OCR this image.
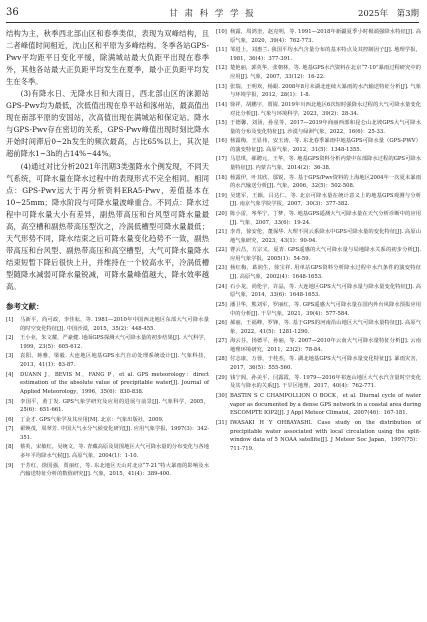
36	甘 肃 科 学 学 报	2025年　第3期

结构为主，秋季西北部山区和春季类似，表现为双峰结构，且二者峰值时间相近，沈山区和平原为多峰结构。冬季各站GPS-Pwv平均距平日变化平缓，除满城站最大负距平出现在春季外，其他各站最大正负距平均发生在夏季，最小正负距平均发生在冬季。

(3)有降水日、无降水日和大雨日，西北部山区的涞源站GPS-Pwv均为最低，次低值出现在阜平站和涿州站，最高值出现在南部平原的安国站，次高值出现在满城站和保定站。降水与GPS-Pwv存在密切的关系，GPS-Pwv峰值出现时刻比降水开始时间滞后0~2h发生的频次最高，占比65%以上，其次是超前降水1~3h的占14%~44%。

(4)通过对比分析2021年汛期3类强降水个例发现，不同天气系统，可降水量在降水过程中的表现形式不完全相同。相同点：GPS-Pwv远大于再分析资料ERA5-Pwv，差值基本在10~25mm；降水阶段与可降水量波峰重合。不同点：降水过程中可降水量大小有差异，副热带高压和台风型可降水量最高，高空槽和副热带高压型次之，冷涡低槽型可降水量最低；天气形势不同，降水结束之后可降水量变化趋势不一致，副热带高压和台风型、副热带高压和高空槽型，大气可降水量降水结束短暂下降后很快上升，并维持在一个较高水平，冷涡低槽型随降水减弱可降水量锐减，可降水量峰值越大，降水效率越高。

参考文献：
[1]	马新平，尚可政，李佳耘，等. 1981—2010年中国西北地区东部大气可降水量的时空变化特征[J]. 中国沙漠，2015，35(2)：448-455.
[2]	王小业，朱文耀，严豪健. 地面GPS探测大气可降水量的初步结果[J]. 大气科学，1999，23(5)：605-612.
[3]	袁阳，蒋雅，梁毅. 大连地区地基GPS水汽自动处理系统设计[J]. 气象科技，2013，41(1)：83-87.
[4]	DUANN J，BEVIS M，FANG P，et al. GPS meteorology：direct estimation of the absolute value of precipitable water[J]. Journal of Applied Meteorology，1996，35(6)：830-838.
[5]	李国平，黄丁发. GPS气象学研究及应用的进展与前景[J]. 气象科学，2005，25(6)：651-661.
[6]	丁金才. GPS气象学及其应用[M]. 北京：气象出版社，2009.
[7]	翟焕茂，周翠芳. 中国大气水分气候变化研究[J]. 应用气象学报，1997(3)：342-351.
[8]	蔡英，宋敏红，吴统文，等. 青藏高原及周围地区大气可降水量的分布变化与各地多年平均降水气候[J]. 高原气象，2004(1)：1-10.
[9]	于芳红，徐国强，贾丽红，等. 东北地区天山对北京“7·21”特大暴雨的影响及水汽输送特征分析的数值研究[J]. 气象，2015，41(4)：389-400.
[10] 杨露，周鸿奎，赵克明，等. 1991—2018年新疆夏季小时极端强降水特征[J]. 高原气象，2020，39(4)：762-773.
[11] 邹进上，刘惠兰. 我国平均水汽含量分布的基本特点及其控制因子[J]. 地理学报，1981，36(4)：377-391.
[12] 楚艳丽，郭英华，张朝林，等. 地基GPS水汽资料在北京“7·10”暴雨过程研究中的应用[J]. 气象，2007，33(12)：16-22.
[13] 张瑞，王明欢，杨跟. 2008年8月末湖北连续大暴雨的水汽输送特征分析[J]. 气象与环境学报，2012，28(1)：1-8.
[14] 徐祥，胡鹏宇，贾锟. 2019年川西北地区6次短时强降水过程的大气可降水量变化对比分析[J]. 气象与环境科学，2023，39(2)：28-34.
[15] 于德馨，刘汤，孙星等，2017—2019年商丽西部和昆仑山北坡GPS大气可降水量的分布及变化特征[J]. 沙漠与绿洲气象，2022，16(6)：25-33.
[16] 杨露梅，王显伟，安玉涛，等. 东北春季暴雨中地基GPS可降水量（GPS-PWV）的演变特征[J]. 高原气象，2012，31(5)：1348-1355.
[17] 马思琪，郝聘元，王华，等. 地基GPS资料分析内蒙中东部降水过程的GPS可降水量特征[J]. 内蒙古气象，2014(2)：36-38.
[18] 杨露伊，叶其欣，邬锐，等. 基于GPS/Pwv资料的上海地区2004年一次夏末暴雨的水汽输送分析[J]. 气象，2006，32(5)：502-508.
[19] 吴建军，王颖，吕达仁，等. 北京可降水量在统计意义上的地基GPS观测与分析[J]. 南京气象学院学报，2007，30(3)：377-382.
[20] 陈小雷，岑华宁，丁梦，等. 地基GPS遥测大气可降水量在天气分析诊断中的应用[J]. 气象，2007，33(6)：19-24.
[21] 李青，徐安伦，董保华. 大理不同云系降水中GPS可降水量的变化特征[J]. 高原山地气象研究，2023，43(1)：90-94.
[22] 曹云昌，方宗义，夏青. GPS遥感的大气可降水量与局地降水关系的初步分析[J]. 应用气象学报，2005(1)：54-59.
[23] 杨红梅，葛润生，徐宝祥. 用单站GPS资料分析降水过程中水汽条件的演变特征[J]. 高原气象，2002(4)：1648-1653.
[24] 石小龙，尚伦宇，许晶，等. 大连地区GPS大气可降水量与降水量变化特征[J]. 高原气象，2014，33(6)：1648-1653.
[25] 潘卫华，熊刘军，罗丽红，等. GPS遥感大气可降水量在国内外台风降水预报应用中的分析[J]. 干旱气象，2021，39(4)：577-584.
[26] 郝丽，王福峰，罗锋，等. 基于GPS的河南沿山地区大气可降水量特征[J]. 高原气象，2022，41(5)：1281-1290.
[27] 海云芬，扬德平，孙丽，等. 2007—2010年云南大气可降水量特征分析[J]. 云南地理环境研究，2011，23(2)：78-84.
[28] 付志康，万蓉，于桂杰，等. 湖北地基GPS大气可降水量变化特征[J]. 暴雨灾害，2017，36(5)：555-560.
[29] 钱宁阁，孙美平，闫露霞，等. 1979—2016年祁连山地区大气水汽含量时空变化及其与降水的关系[J]. 干旱区地理，2017，40(4)：762-771.
[30] BASTIN S C CHAMPOLLION O BOCK，et al. Diurnal cycle of water vapor as documented by a dense GPS network in a coastal area during ESCOMPTE IOP2[J]. J Appl Meteor Climatol，2007(46)：167-181.
[31] IWASAKI H Y OHBAYASHI. Case study on the distribution of precipitable water associated with local circulation using the split-window data of 5 NOAA satellite[J]. J Meteor Soc Japan，1997(75)：711-719.
